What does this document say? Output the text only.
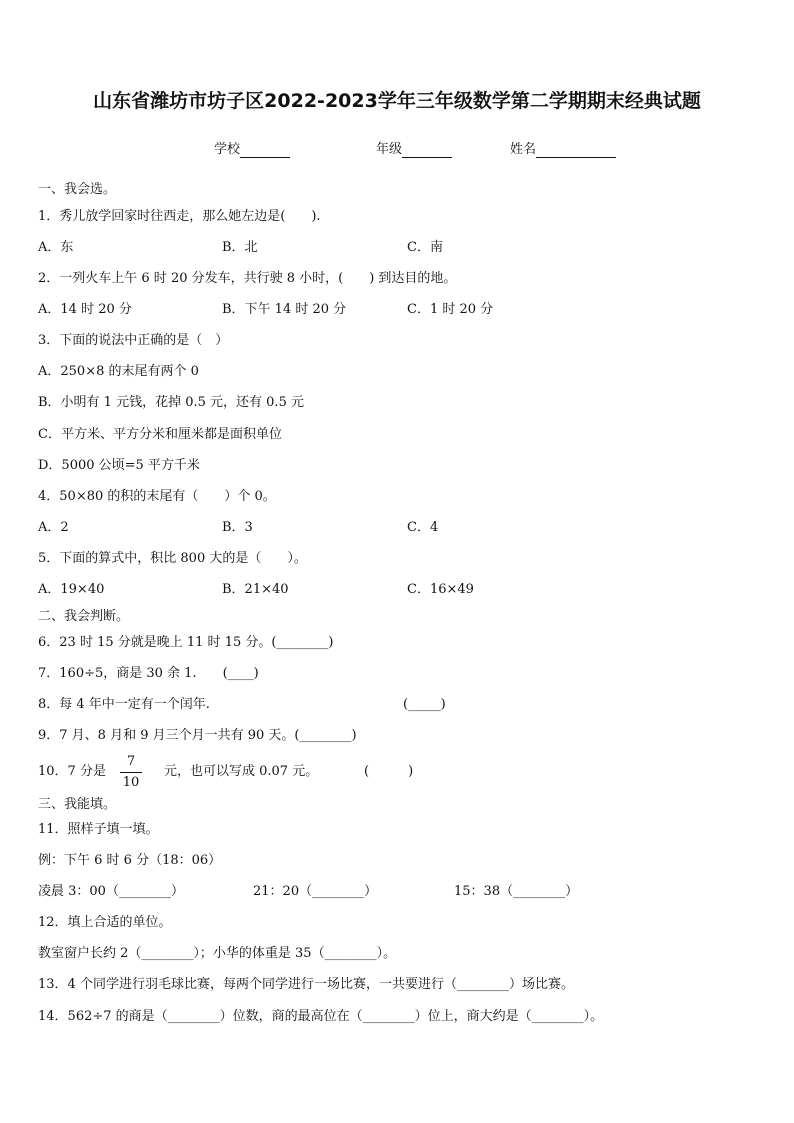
山东省潍坊市坊子区2022-2023学年三年级数学第二学期期末经典试题
学校	年级	姓名
一、我会选。
1．秀儿放学回家时往西走，那么她左边是(　　).
A．东	B．北	C．南
2．一列火车上午 6 时 20 分发车，共行驶 8 小时，(　　) 到达目的地。
A．14 时 20 分	B．下午 14 时 20 分	C．1 时 20 分
3．下面的说法中正确的是（　）
A．250×8 的末尾有两个 0
B．小明有 1 元钱，花掉 0.5 元，还有 0.5 元
C．平方米、平方分米和厘米都是面积单位
D．5000 公顷=5 平方千米
4．50×80 的积的末尾有（　　）个 0。
A．2	B．3	C．4
5．下面的算式中，积比 800 大的是（　　）。
A．19×40	B．21×40	C．16×49
二、我会判断。
6．23 时 15 分就是晚上 11 时 15 分。(________)
7．160÷5，商是 30 余 1.　　(____)
8．每 4 年中一定有一个闰年.	(_____)
9．7 月、8 月和 9 月三个月一共有 90 天。(________)
10．7 分是
7
10
元，也可以写成 0.07 元。	(　　　)
三、我能填。
11．照样子填一填。
例：下午 6 时 6 分（18：06）
凌晨 3：00（________）	21：20（________）	15：38（________）
12．填上合适的单位。
教室窗户长约 2（________）；小华的体重是 35（________）。
13．4 个同学进行羽毛球比赛，每两个同学进行一场比赛，一共要进行（________）场比赛。
14．562÷7 的商是（________）位数，商的最高位在（________）位上，商大约是（________）。
